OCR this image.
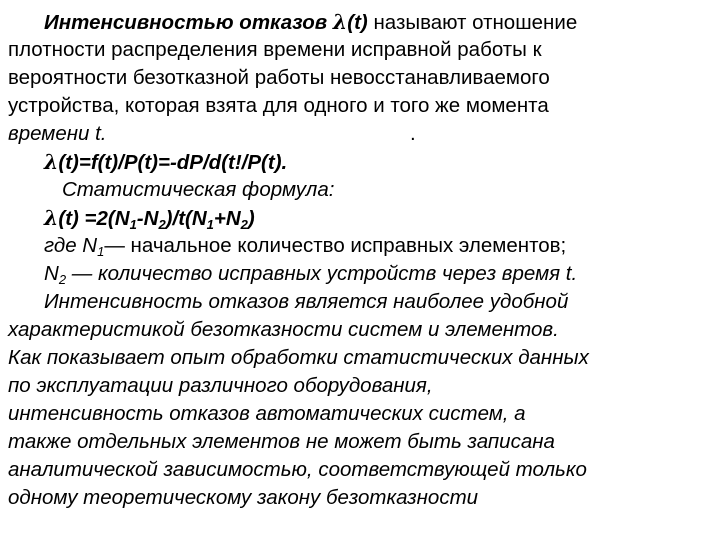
Интенсивностью отказов λ(t) называют отношение
плотности распределения времени исправной работы к
вероятности безотказной работы невосстанавливаемого
устройства, которая взята для одного и того же момента
времени t.	.
λ(t)=f(t)/P(t)=-dP/d(t!/P(t).
Статистическая формула:
$\lambda(t) =2(N_1-N_2)/t(N_1+N_2)$
где $N_1—$ начальное количество исправных элементов;
$N_2$ — количество исправных устройств через время t.
Интенсивность отказов является наиболее удобной
характеристикой безотказности систем и элементов.
Как показывает опыт обработки статистических данных
по эксплуатации различного оборудования,
интенсивность отказов автоматических систем, а
также отдельных элементов не может быть записана
аналитической зависимостью, соответствующей только
одному теоретическому закону безотказности
